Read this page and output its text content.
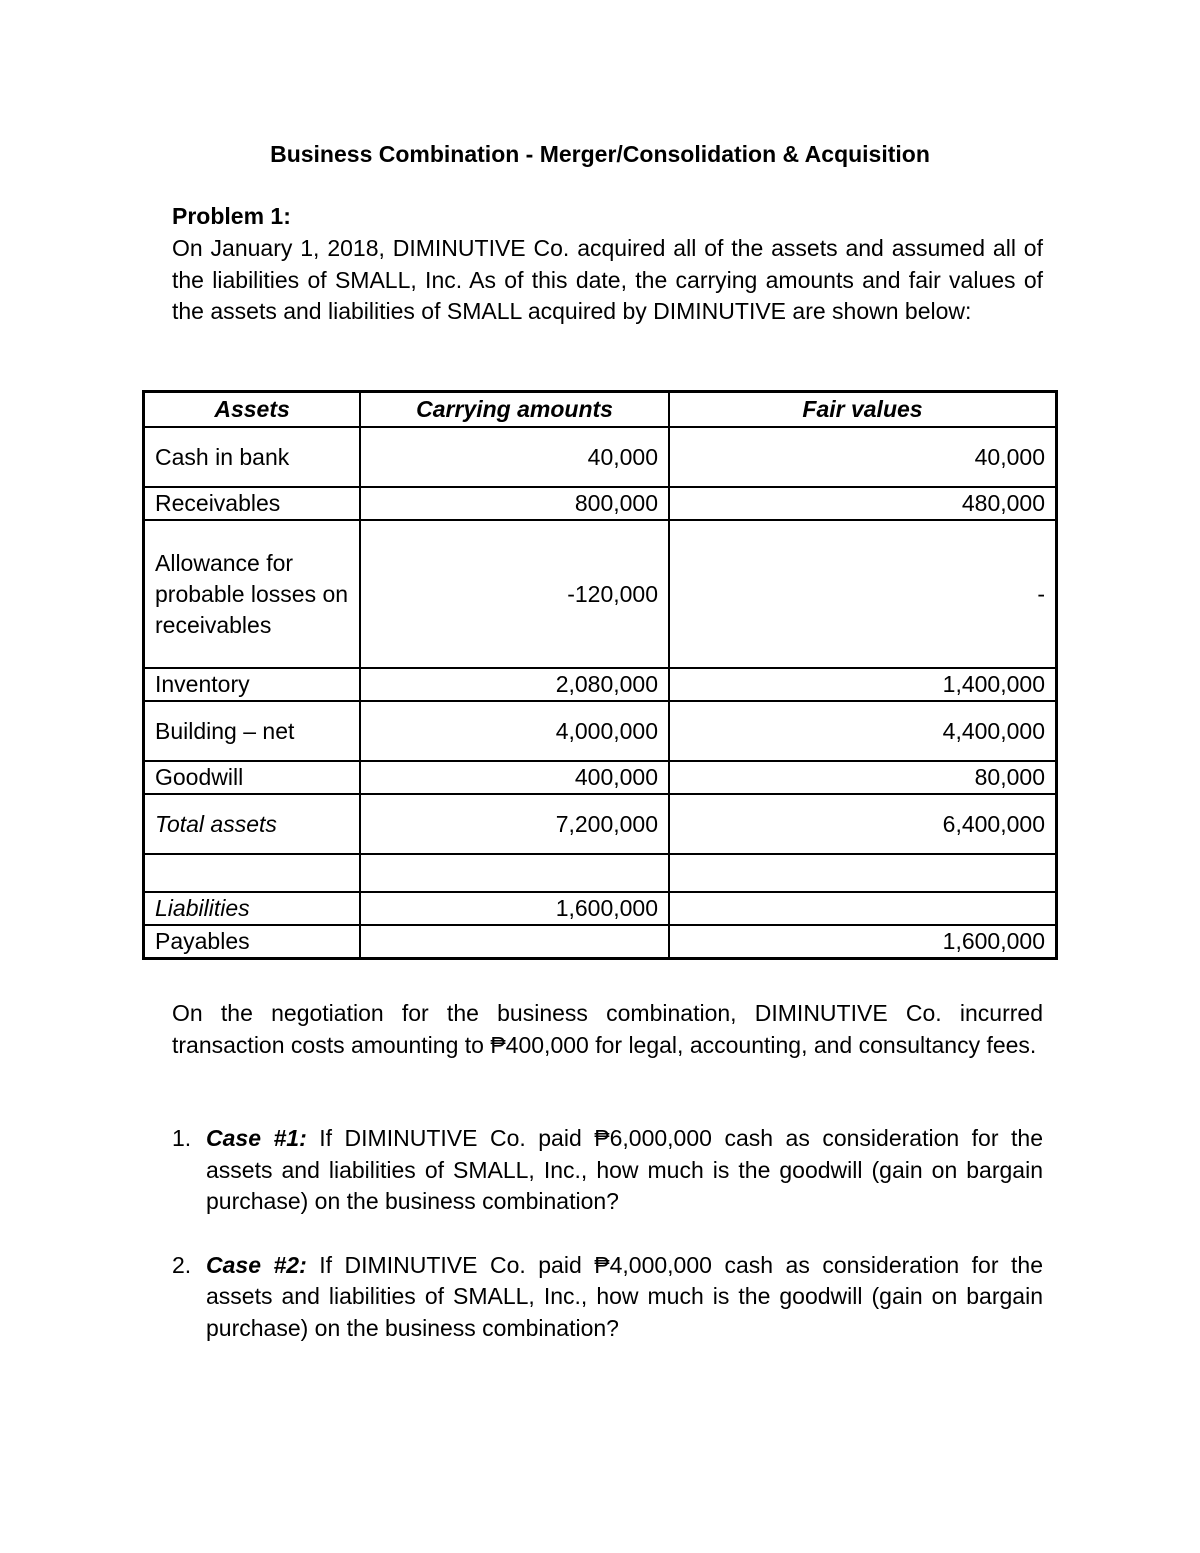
Business Combination - Merger/Consolidation & Acquisition
Problem 1:

On January 1, 2018, DIMINUTIVE Co. acquired all of the assets and assumed all of the liabilities of SMALL, Inc. As of this date, the carrying amounts and fair values of the assets and liabilities of SMALL acquired by DIMINUTIVE are shown below:

Assets	Carrying amounts	Fair values
Cash in bank	40,000	40,000
Receivables	800,000	480,000
Allowance for probable losses on receivables	-120,000	-
Inventory	2,080,000	1,400,000
Building – net	4,000,000	4,400,000
Goodwill	400,000	80,000
Total assets	7,200,000	6,400,000

Liabilities	1,600,000	
Payables		1,600,000

On the negotiation for the business combination, DIMINUTIVE Co. incurred transaction costs amounting to ₱400,000 for legal, accounting, and consultancy fees.

1. Case #1: If DIMINUTIVE Co. paid ₱6,000,000 cash as consideration for the assets and liabilities of SMALL, Inc., how much is the goodwill (gain on bargain purchase) on the business combination?
2. Case #2: If DIMINUTIVE Co. paid ₱4,000,000 cash as consideration for the assets and liabilities of SMALL, Inc., how much is the goodwill (gain on bargain purchase) on the business combination?
